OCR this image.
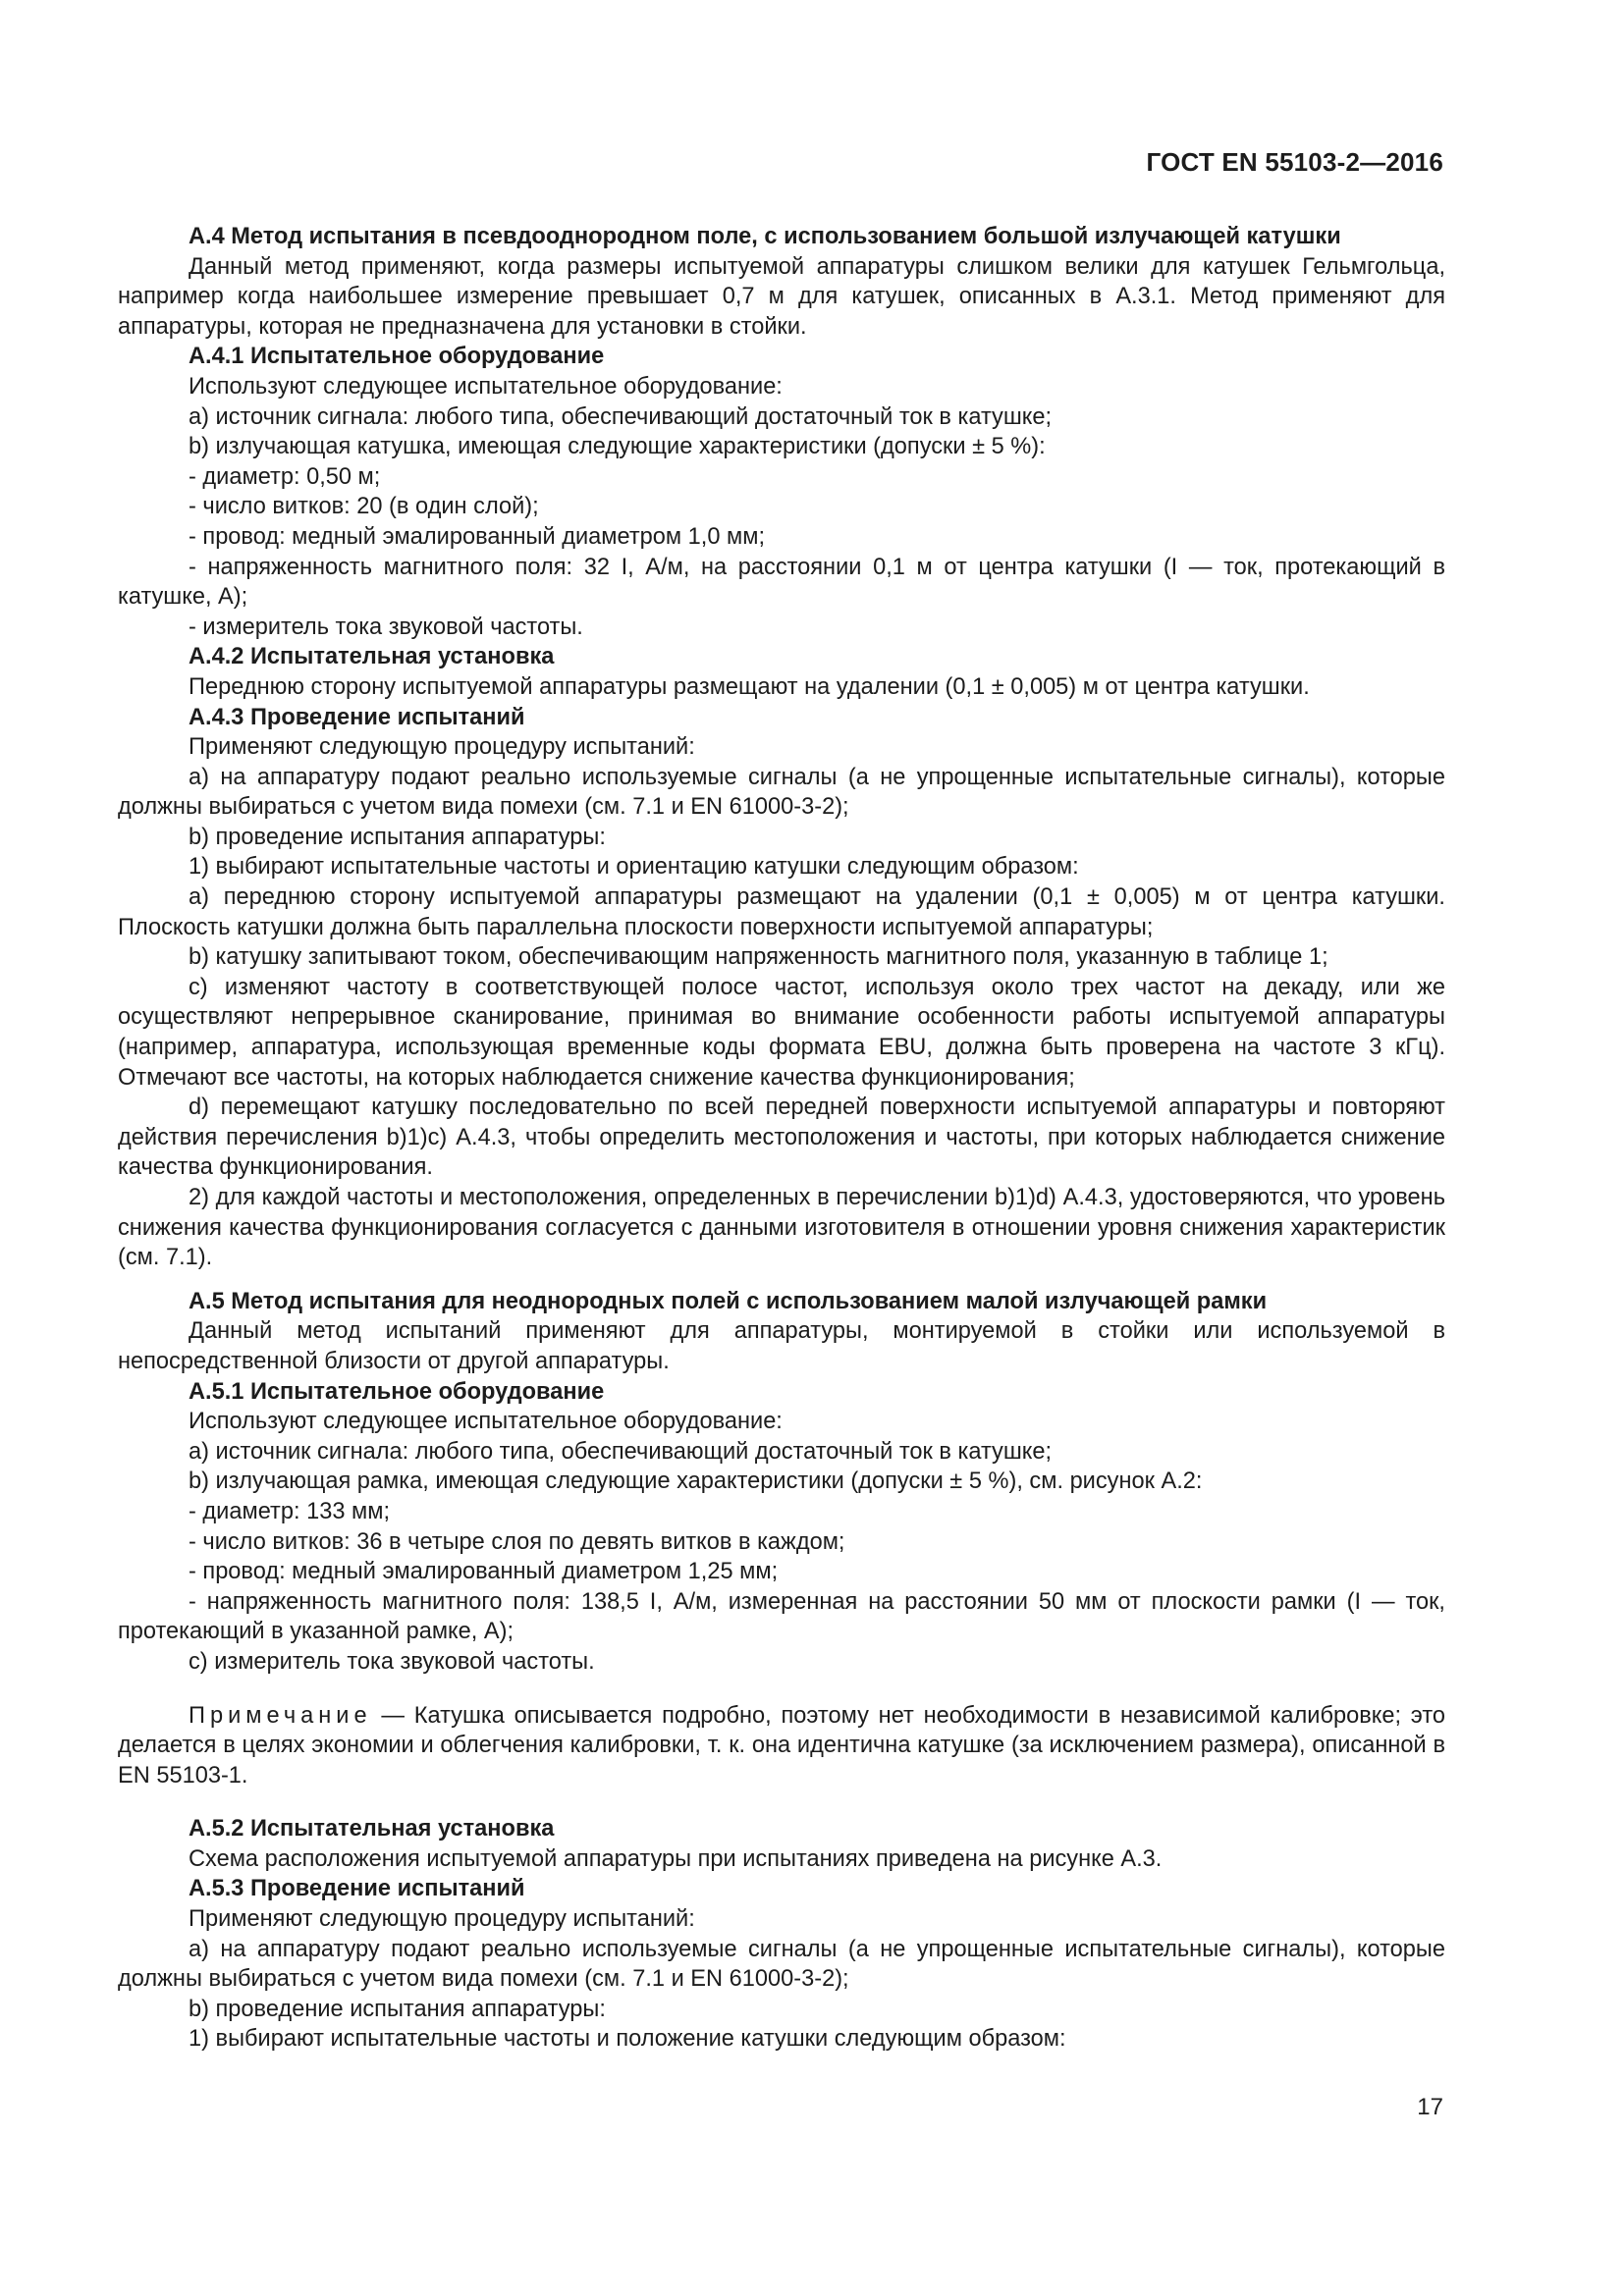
ГОСТ EN 55103-2—2016

А.4 Метод испытания в псевдооднородном поле, с использованием большой излучающей катушки

Данный метод применяют, когда размеры испытуемой аппаратуры слишком велики для катушек Гельмгольца, например когда наибольшее измерение превышает 0,7 м для катушек, описанных в А.3.1. Метод применяют для аппаратуры, которая не предназначена для установки в стойки.

А.4.1 Испытательное оборудование

Используют следующее испытательное оборудование:

a) источник сигнала: любого типа, обеспечивающий достаточный ток в катушке;

b) излучающая катушка, имеющая следующие характеристики (допуски ± 5 %):

- диаметр: 0,50 м;

- число витков: 20 (в один слой);

- провод: медный эмалированный диаметром 1,0 мм;

- напряженность магнитного поля: 32 I, А/м, на расстоянии 0,1 м от центра катушки (I — ток, протекающий в катушке, А);

- измеритель тока звуковой частоты.

А.4.2 Испытательная установка

Переднюю сторону испытуемой аппаратуры размещают на удалении (0,1 ± 0,005) м от центра катушки.

А.4.3 Проведение испытаний

Применяют следующую процедуру испытаний:

a) на аппаратуру подают реально используемые сигналы (а не упрощенные испытательные сигналы), которые должны выбираться с учетом вида помехи (см. 7.1 и EN 61000-3-2);

b) проведение испытания аппаратуры:

1) выбирают испытательные частоты и ориентацию катушки следующим образом:

a) переднюю сторону испытуемой аппаратуры размещают на удалении (0,1 ± 0,005) м от центра катушки. Плоскость катушки должна быть параллельна плоскости поверхности испытуемой аппаратуры;

b) катушку запитывают током, обеспечивающим напряженность магнитного поля, указанную в таблице 1;

c) изменяют частоту в соответствующей полосе частот, используя около трех частот на декаду, или же осуществляют непрерывное сканирование, принимая во внимание особенности работы испытуемой аппаратуры (например, аппаратура, использующая временные коды формата EBU, должна быть проверена на частоте 3 кГц). Отмечают все частоты, на которых наблюдается снижение качества функционирования;

d) перемещают катушку последовательно по всей передней поверхности испытуемой аппаратуры и повторяют действия перечисления b)1)c) А.4.3, чтобы определить местоположения и частоты, при которых наблюдается снижение качества функционирования.

2) для каждой частоты и местоположения, определенных в перечислении b)1)d) А.4.3, удостоверяются, что уровень снижения качества функционирования согласуется с данными изготовителя в отношении уровня снижения характеристик (см. 7.1).

А.5 Метод испытания для неоднородных полей с использованием малой излучающей рамки

Данный метод испытаний применяют для аппаратуры, монтируемой в стойки или используемой в непосредственной близости от другой аппаратуры.

А.5.1 Испытательное оборудование

Используют следующее испытательное оборудование:

a) источник сигнала: любого типа, обеспечивающий достаточный ток в катушке;

b) излучающая рамка, имеющая следующие характеристики (допуски ± 5 %), см. рисунок А.2:

- диаметр: 133 мм;

- число витков: 36 в четыре слоя по девять витков в каждом;

- провод: медный эмалированный диаметром 1,25 мм;

- напряженность магнитного поля: 138,5 I, А/м, измеренная на расстоянии 50 мм от плоскости рамки (I — ток, протекающий в указанной рамке, А);

c) измеритель тока звуковой частоты.

Примечание — Катушка описывается подробно, поэтому нет необходимости в независимой калибровке; это делается в целях экономии и облегчения калибровки, т. к. она идентична катушке (за исключением размера), описанной в EN 55103-1.

А.5.2 Испытательная установка

Схема расположения испытуемой аппаратуры при испытаниях приведена на рисунке А.3.

А.5.3 Проведение испытаний

Применяют следующую процедуру испытаний:

a) на аппаратуру подают реально используемые сигналы (а не упрощенные испытательные сигналы), которые должны выбираться с учетом вида помехи (см. 7.1 и EN 61000-3-2);

b) проведение испытания аппаратуры:

1) выбирают испытательные частоты и положение катушки следующим образом:

17
